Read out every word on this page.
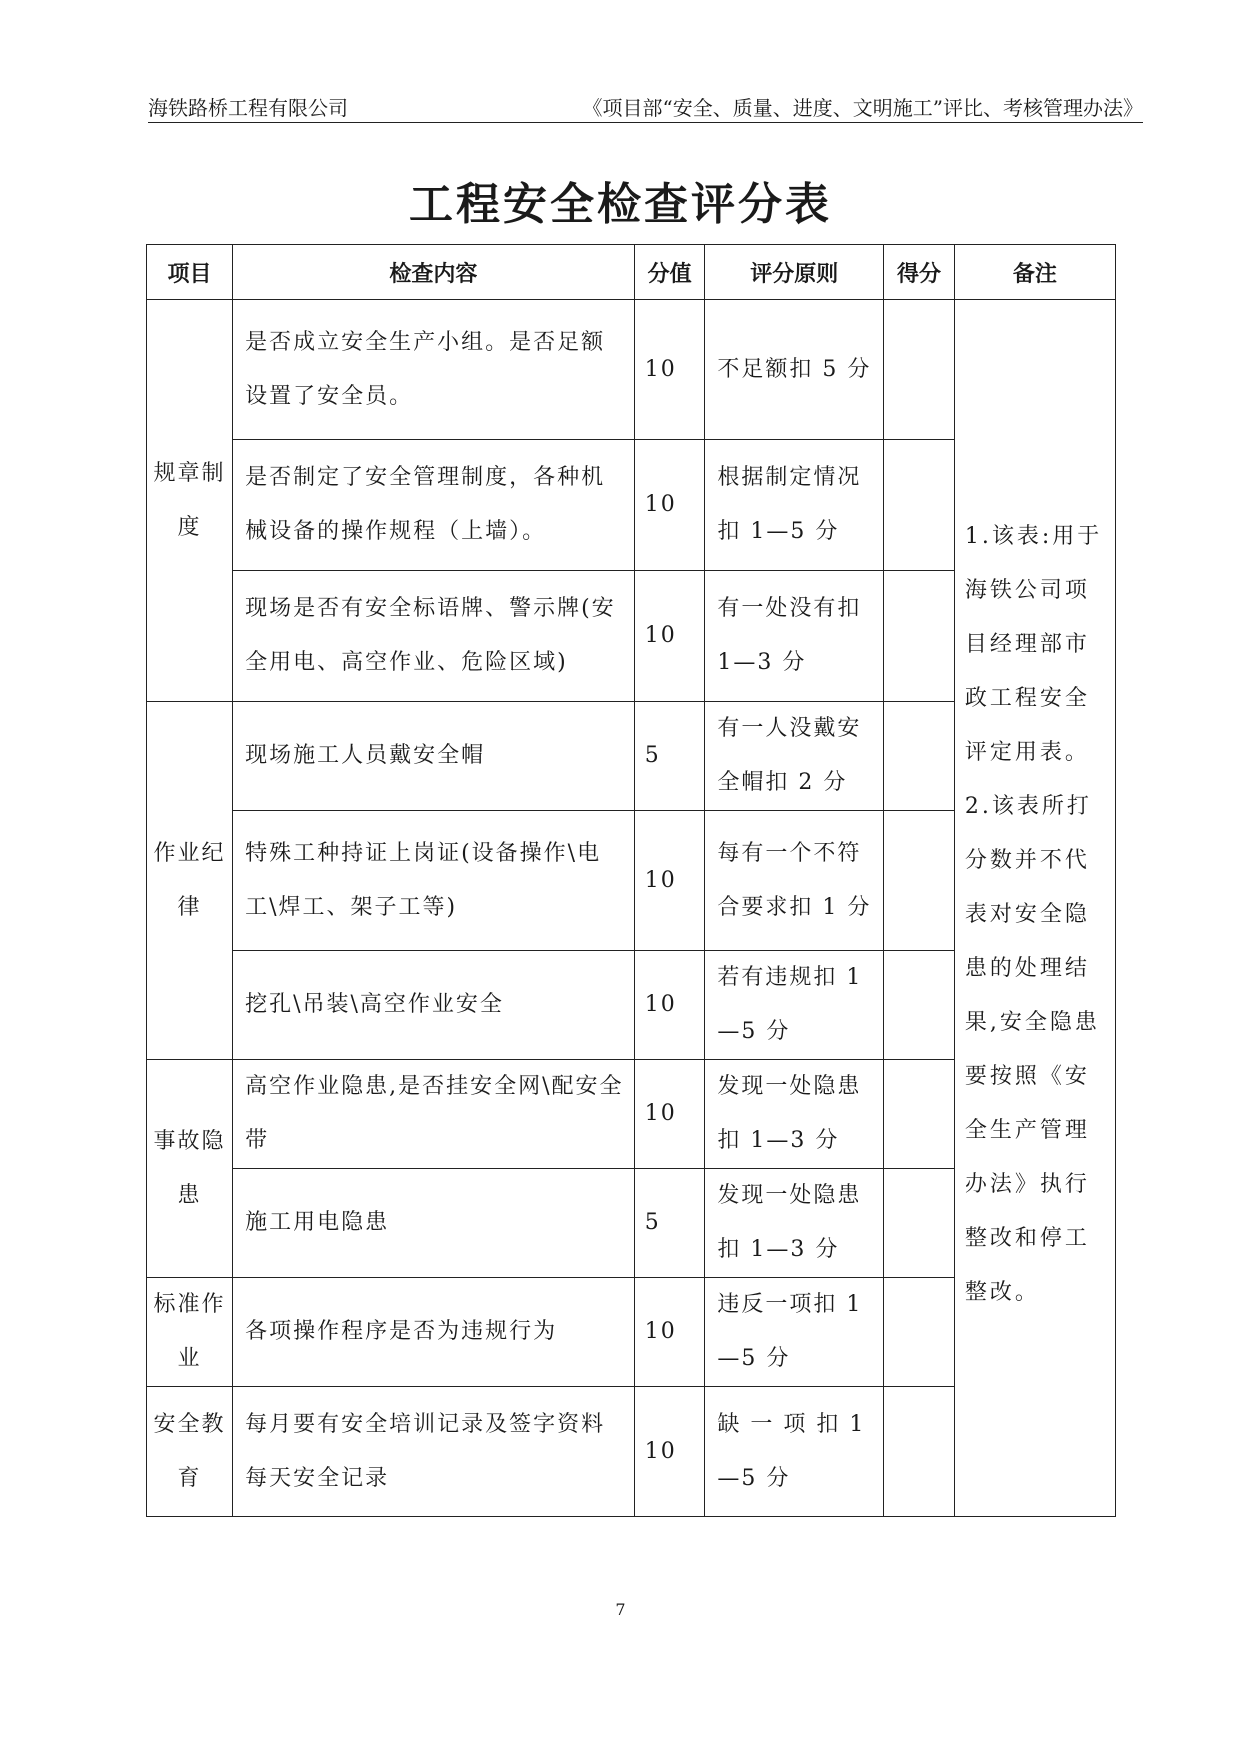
海铁路桥工程有限公司	《项目部“安全、质量、进度、文明施工”评比、考核管理办法》
工程安全检查评分表
项目	检查内容	分值	评分原则	得分	备注
规章制度	是否成立安全生产小组。是否足额设置了安全员。	10	不足额扣 5 分		1.该表:用于海铁公司项目经理部市政工程安全评定用表。2.该表所打分数并不代表对安全隐患的处理结果,安全隐患要按照《安全生产管理办法》执行整改和停工整改。
	是否制定了安全管理制度，各种机械设备的操作规程（上墙）。	10	根据制定情况扣 1—5 分		
	现场是否有安全标语牌、警示牌(安全用电、高空作业、危险区域)	10	有一处没有扣 1—3 分		
作业纪律	现场施工人员戴安全帽	5	有一人没戴安全帽扣 2 分		
	特殊工种持证上岗证(设备操作\电工\焊工、架子工等)	10	每有一个不符合要求扣 1 分		
	挖孔\吊装\高空作业安全	10	若有违规扣 1—5 分		
事故隐患	高空作业隐患,是否挂安全网\配安全带	10	发现一处隐患扣 1—3 分		
	施工用电隐患	5	发现一处隐患扣 1—3 分		
标准作业	各项操作程序是否为违规行为	10	违反一项扣 1—5 分		
安全教育	每月要有安全培训记录及签字资料每天安全记录	10	缺 一 项 扣 1—5 分		
7
